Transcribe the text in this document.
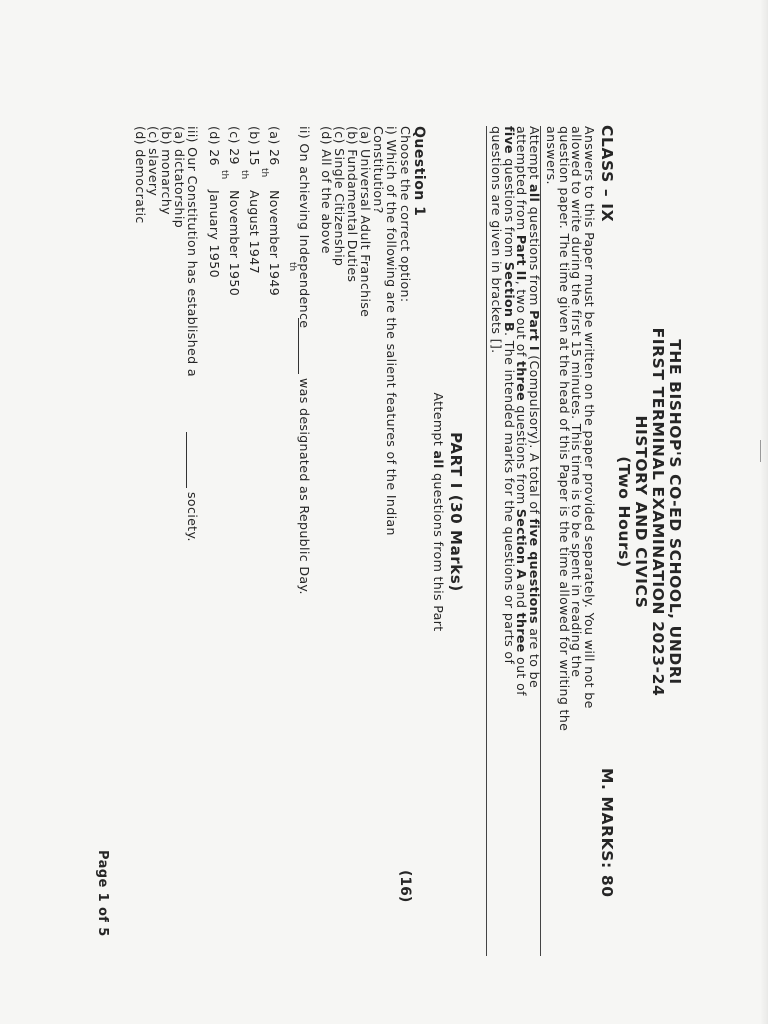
THE BISHOP'S CO-ED SCHOOL, UNDRI
FIRST TERMINAL EXAMINATION 2023-24
HISTORY AND CIVICS
(Two Hours)
CLASS – IX
M. MARKS: 80
Answers to this Paper must be written on the paper provided separately. You will not be
allowed to write during the first 15 minutes. This time is to be spent in reading the
question paper. The time given at the head of this Paper is the time allowed for writing the
answers.
Attempt all questions from Part I (Compulsory). A total of five questions are to be
attempted from Part II, two out of three questions from Section A and three out of
five questions from Section B. The intended marks for the questions or parts of
questions are given in brackets [].
PART I (30 Marks)
Attempt all questions from this Part
Question 1
(16)
Choose the correct option:
i) Which of the following are the salient features of the Indian
Constitution?
(a) Universal Adult Franchise
(b) Fundamental Duties
(c) Single Citizenship
(d) All of the above
ii) On achieving Independence
was designated as Republic Day.
th
(a) 26
th
November 1949
(b) 15
th
August 1947
(c) 29
th
November 1950
(d) 26
January 1950
iii) Our Constitution has established a
society.
(a) dictatorship
(b) monarchy
(c) slavery
(d) democratic
Page 1 of 5
